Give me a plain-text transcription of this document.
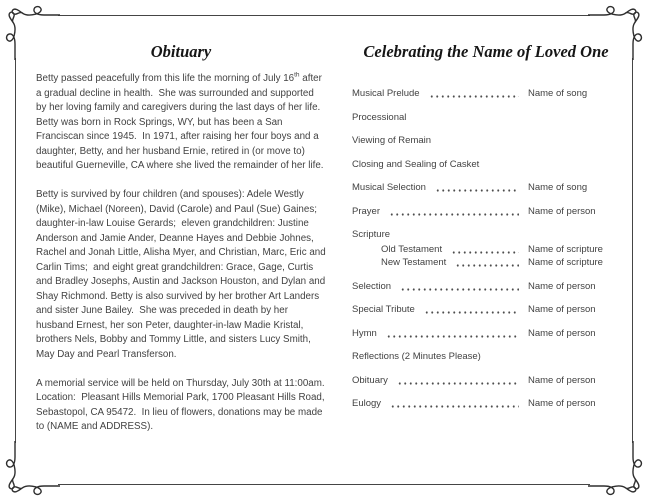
Obituary

Betty passed peacefully from this life the morning of July 16th after a gradual decline in health.  She was surrounded and supported by her loving family and caregivers during the last days of her life.  Betty was born in Rock Springs, WY, but has been a San Franciscan since 1945.  In 1971, after raising her four boys and a daughter, Betty, and her husband Ernie, retired in (or move to) beautiful Guerneville, CA where she lived the remainder of her life.

Betty is survived by four children (and spouses): Adele Westly (Mike), Michael (Noreen), David (Carole) and Paul (Sue) Gaines;  daughter-in-law Louise Gerards;  eleven grandchildren: Justine Anderson and Jamie Ander, Deanne Hayes and Debbie Johnes, Rachel and Jonah Little, Alisha Myer, and Christian, Marc, Eric and Carlin Tims;  and eight great grandchildren: Grace, Gage, Curtis and Bradley Josephs, Austin and Jackson Houston, and Dylan and Shay Richmond. Betty is also survived by her brother Art Landers and sister June Bailey.  She was preceded in death by her husband Ernest, her son Peter, daughter-in-law Madie Kristal, brothers Nels, Bobby and Tommy Little, and sisters Lucy Smith, May Day and Pearl Transferson.

A memorial service will be held on Thursday, July 30th at 11:00am.  Location:  Pleasant Hills Memorial Park, 1700 Pleasant Hills Road, Sebastopol, CA 95472.  In lieu of flowers, donations may be made to (NAME and ADDRESS).

Celebrating the Name of Loved One
Musical Prelude	Name of song
Processional
Viewing of Remain
Closing and Sealing of Casket
Musical Selection	Name of song
Prayer	Name of person
Scripture
Old Testament	Name of scripture
New Testament	Name of scripture
Selection	Name of person
Special Tribute	Name of person
Hymn	Name of person
Reflections (2 Minutes Please)
Obituary	Name of person
Eulogy	Name of person
